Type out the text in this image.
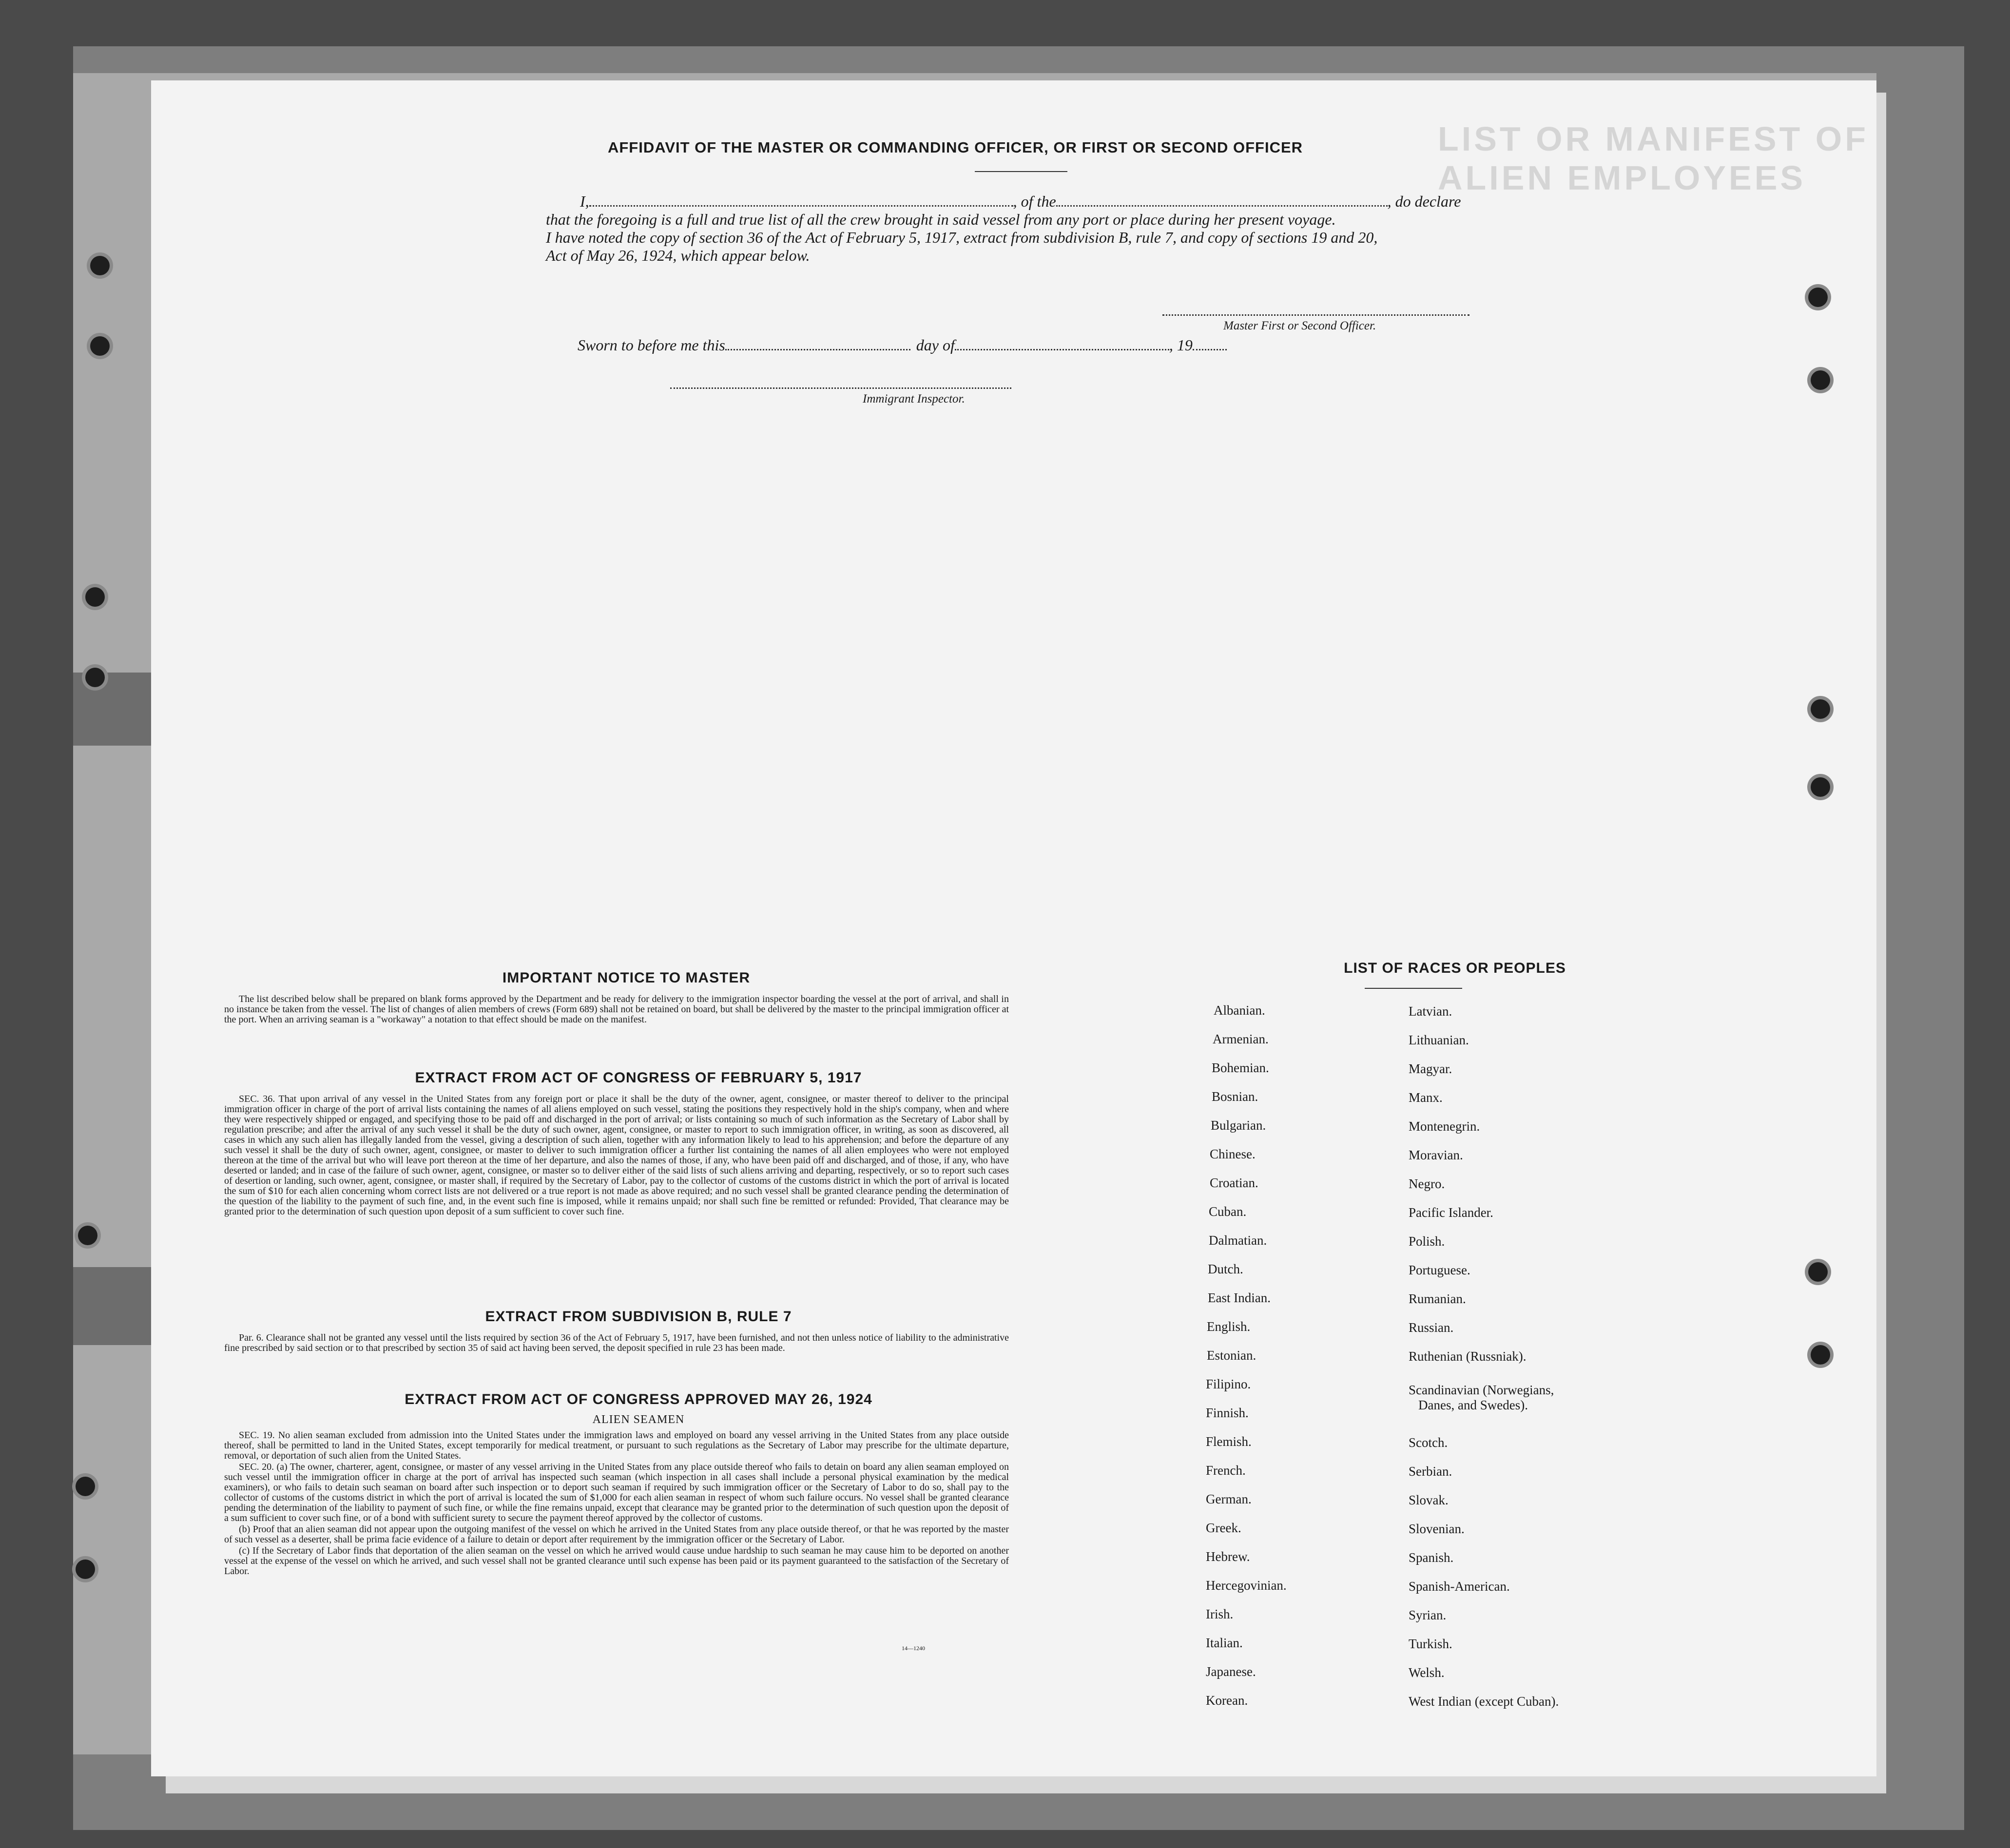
LIST OR MANIFEST OF ALIEN EMPLOYEES
AFFIDAVIT OF THE MASTER OR COMMANDING OFFICER, OR FIRST OR SECOND OFFICER
I,	, of the	, do declare
that the foregoing is a full and true list of all the crew brought in said vessel from any port or place during her present voyage.
I have noted the copy of section 36 of the Act of February 5, 1917, extract from subdivision B, rule 7, and copy of sections 19 and 20,
Act of May 26, 1924, which appear below.
Master First or Second Officer.
Sworn to before me this	day of	, 19
Immigrant Inspector.
IMPORTANT NOTICE TO MASTER

The list described below shall be prepared on blank forms approved by the Department and be ready for delivery to the immigration inspector boarding the vessel at the port of arrival, and shall in no instance be taken from the vessel. The list of changes of alien members of crews (Form 689) shall not be retained on board, but shall be delivered by the master to the principal immigration officer at the port. When an arriving seaman is a "workaway" a notation to that effect should be made on the manifest.

EXTRACT FROM ACT OF CONGRESS OF FEBRUARY 5, 1917

SEC. 36. That upon arrival of any vessel in the United States from any foreign port or place it shall be the duty of the owner, agent, consignee, or master thereof to deliver to the principal immigration officer in charge of the port of arrival lists containing the names of all aliens employed on such vessel, stating the positions they respectively hold in the ship's company, when and where they were respectively shipped or engaged, and specifying those to be paid off and discharged in the port of arrival; or lists containing so much of such information as the Secretary of Labor shall by regulation prescribe; and after the arrival of any such vessel it shall be the duty of such owner, agent, consignee, or master to report to such immigration officer, in writing, as soon as discovered, all cases in which any such alien has illegally landed from the vessel, giving a description of such alien, together with any information likely to lead to his apprehension; and before the departure of any such vessel it shall be the duty of such owner, agent, consignee, or master to deliver to such immigration officer a further list containing the names of all alien employees who were not employed thereon at the time of the arrival but who will leave port thereon at the time of her departure, and also the names of those, if any, who have been paid off and discharged, and of those, if any, who have deserted or landed; and in case of the failure of such owner, agent, consignee, or master so to deliver either of the said lists of such aliens arriving and departing, respectively, or so to report such cases of desertion or landing, such owner, agent, consignee, or master shall, if required by the Secretary of Labor, pay to the collector of customs of the customs district in which the port of arrival is located the sum of $10 for each alien concerning whom correct lists are not delivered or a true report is not made as above required; and no such vessel shall be granted clearance pending the determination of the question of the liability to the payment of such fine, and, in the event such fine is imposed, while it remains unpaid; nor shall such fine be remitted or refunded: Provided, That clearance may be granted prior to the determination of such question upon deposit of a sum sufficient to cover such fine.

EXTRACT FROM SUBDIVISION B, RULE 7

Par. 6. Clearance shall not be granted any vessel until the lists required by section 36 of the Act of February 5, 1917, have been furnished, and not then unless notice of liability to the administrative fine prescribed by said section or to that prescribed by section 35 of said act having been served, the deposit specified in rule 23 has been made.

EXTRACT FROM ACT OF CONGRESS APPROVED MAY 26, 1924
ALIEN SEAMEN

SEC. 19. No alien seaman excluded from admission into the United States under the immigration laws and employed on board any vessel arriving in the United States from any place outside thereof, shall be permitted to land in the United States, except temporarily for medical treatment, or pursuant to such regulations as the Secretary of Labor may prescribe for the ultimate departure, removal, or deportation of such alien from the United States.

SEC. 20. (a) The owner, charterer, agent, consignee, or master of any vessel arriving in the United States from any place outside thereof who fails to detain on board any alien seaman employed on such vessel until the immigration officer in charge at the port of arrival has inspected such seaman (which inspection in all cases shall include a personal physical examination by the medical examiners), or who fails to detain such seaman on board after such inspection or to deport such seaman if required by such immigration officer or the Secretary of Labor to do so, shall pay to the collector of customs of the customs district in which the port of arrival is located the sum of $1,000 for each alien seaman in respect of whom such failure occurs. No vessel shall be granted clearance pending the determination of the liability to payment of such fine, or while the fine remains unpaid, except that clearance may be granted prior to the determination of such question upon the deposit of a sum sufficient to cover such fine, or of a bond with sufficient surety to secure the payment thereof approved by the collector of customs.

(b) Proof that an alien seaman did not appear upon the outgoing manifest of the vessel on which he arrived in the United States from any place outside thereof, or that he was reported by the master of such vessel as a deserter, shall be prima facie evidence of a failure to detain or deport after requirement by the immigration officer or the Secretary of Labor.

(c) If the Secretary of Labor finds that deportation of the alien seaman on the vessel on which he arrived would cause undue hardship to such seaman he may cause him to be deported on another vessel at the expense of the vessel on which he arrived, and such vessel shall not be granted clearance until such expense has been paid or its payment guaranteed to the satisfaction of the Secretary of Labor.

14—1240
LIST OF RACES OR PEOPLES
Albanian.
Armenian.
Bohemian.
Bosnian.
Bulgarian.
Chinese.
Croatian.
Cuban.
Dalmatian.
Dutch.
East Indian.
English.
Estonian.
Filipino.
Finnish.
Flemish.
French.
German.
Greek.
Hebrew.
Hercegovinian.
Irish.
Italian.
Japanese.
Korean.
Latvian.
Lithuanian.
Magyar.
Manx.
Montenegrin.
Moravian.
Negro.
Pacific Islander.
Polish.
Portuguese.
Rumanian.
Russian.
Ruthenian (Russniak).
Scandinavian (Norwegians,
Danes, and Swedes).
Scotch.
Serbian.
Slovak.
Slovenian.
Spanish.
Spanish-American.
Syrian.
Turkish.
Welsh.
West Indian (except Cuban).
